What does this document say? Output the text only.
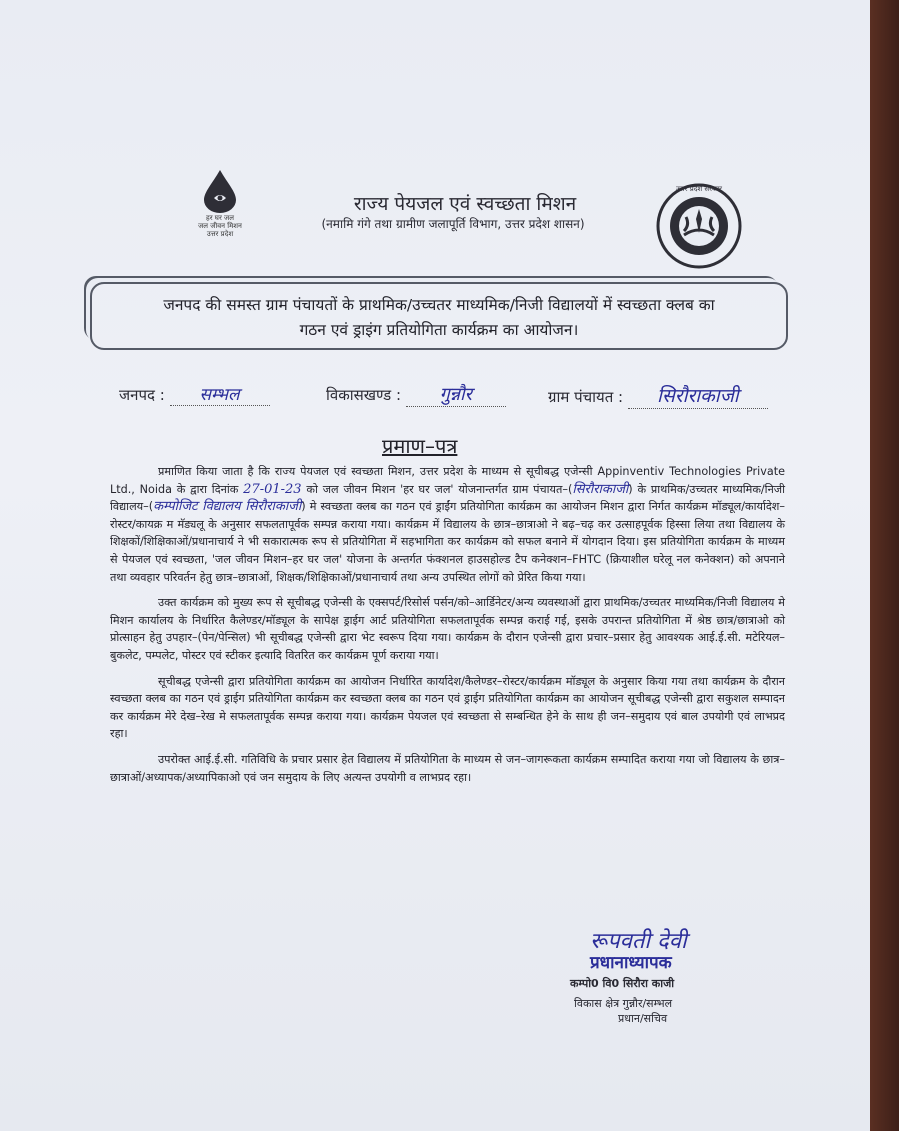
हर घर जल
जल जीवन मिशन
उत्तर प्रदेश
राज्य पेयजल एवं स्वच्छता मिशन
(नमामि गंगे तथा ग्रामीण जलापूर्ति विभाग, उत्तर प्रदेश शासन)
उत्तर प्रदेश सरकार
जनपद की समस्त ग्राम पंचायतों के प्राथमिक/उच्चतर माध्यमिक/निजी विद्यालयों में स्वच्छता क्लब का
गठन एवं ड्राइंग प्रतियोगिता कार्यक्रम का आयोजन।
जनपद : सम्भल	विकासखण्ड : गुन्नौर	ग्राम पंचायत : सिरौराकाजी
प्रमाण–पत्र

प्रमाणित किया जाता है कि राज्य पेयजल एवं स्वच्छता मिशन, उत्तर प्रदेश के माध्यम से सूचीबद्ध एजेन्सी Appinventiv Technologies Private Ltd., Noida के द्वारा दिनांक 27-01-23 को जल जीवन मिशन 'हर घर जल' योजनान्तर्गत ग्राम पंचायत–(सिरौराकाजी) के प्राथमिक/उच्चतर माध्यमिक/निजी विद्यालय–(कम्पोजिट विद्यालय सिरौराकाजी) मे स्वच्छता क्लब का गठन एवं ड्राईंग प्रतियोगिता कार्यक्रम का आयोजन मिशन द्वारा निर्गत कार्यक्रम मॉड्यूल/कार्यादेश–रोस्टर/कायक्र म मॅड्यलू के अनुसार सफलतापूर्वक सम्पन्न कराया गया। कार्यक्रम में विद्यालय के छात्र–छात्राओ ने बढ़–चढ़ कर उत्साहपूर्वक हिस्सा लिया तथा विद्यालय के शिक्षकों/शिक्षिकाओं/प्रधानाचार्य ने भी सकारात्मक रूप से प्रतियोगिता में सहभागिता कर कार्यक्रम को सफल बनाने में योगदान दिया। इस प्रतियोगिता कार्यक्रम के माध्यम से पेयजल एवं स्वच्छता, 'जल जीवन मिशन–हर घर जल' योजना के अन्तर्गत फंक्शनल हाउसहोल्ड टैप कनेक्शन–FHTC (क्रियाशील घरेलू नल कनेक्शन) को अपनाने तथा व्यवहार परिवर्तन हेतु छात्र–छात्राओं, शिक्षक/शिक्षिकाओं/प्रधानाचार्य तथा अन्य उपस्थित लोगों को प्रेरित किया गया।

उक्त कार्यक्रम को मुख्य रूप से सूचीबद्ध एजेन्सी के एक्सपर्ट/रिसोर्स पर्सन/को–आर्डिनेटर/अन्य व्यवस्थाओं द्वारा प्राथमिक/उच्चतर माध्यमिक/निजी विद्यालय मे मिशन कार्यालय के निर्धारित कैलेण्डर/मॉड्यूल के सापेक्ष ड्राईग आर्ट प्रतियोगिता सफलतापूर्वक सम्पन्न कराई गई, इसके उपरान्त प्रतियोगिता में श्रेष्ठ छात्र/छात्राओ को प्रोत्साहन हेतु उपहार–(पेन/पेन्सिल) भी सूचीबद्ध एजेन्सी द्वारा भेट स्वरूप दिया गया। कार्यक्रम के दौरान एजेन्सी द्वारा प्रचार–प्रसार हेतु आवश्यक आई.ई.सी. मटेरियल–बुकलेट, पम्पलेट, पोस्टर एवं स्टीकर इत्यादि वितरित कर कार्यक्रम पूर्ण कराया गया।

सूचीबद्ध एजेन्सी द्वारा प्रतियोगिता कार्यक्रम का आयोजन निर्धारित कार्यादेश/कैलेण्डर–रोस्टर/कार्यक्रम मॉड्यूल के अनुसार किया गया तथा कार्यक्रम के दौरान स्वच्छता क्लब का गठन एवं ड्राईग प्रतियोगिता कार्यक्रम कर स्वच्छता क्लब का गठन एवं ड्राईग प्रतियोगिता कार्यक्रम का आयोजन सूचीबद्ध एजेन्सी द्वारा सकुशल सम्पादन कर कार्यक्रम मेरे देख–रेख मे सफलतापूर्वक सम्पन्न कराया गया। कार्यक्रम पेयजल एवं स्वच्छता से सम्बन्धित हेने के साथ ही जन–समुदाय एवं बाल उपयोगी एवं लाभप्रद रहा।

उपरोक्त आई.ई.सी. गतिविधि के प्रचार प्रसार हेत विद्यालय में प्रतियोगिता के माध्यम से जन–जागरूकता कार्यक्रम सम्पादित कराया गया जो विद्यालय के छात्र–छात्राओं/अध्यापक/अध्यापिकाओ एवं जन समुदाय के लिए अत्यन्त उपयोगी व लाभप्रद रहा।

रूपवती देवी
प्रधानाध्यापक
कम्पो0 वि0 सिरौरा काजी
विकास क्षेत्र गुन्नौर/सम्भल
प्रधान/सचिव
